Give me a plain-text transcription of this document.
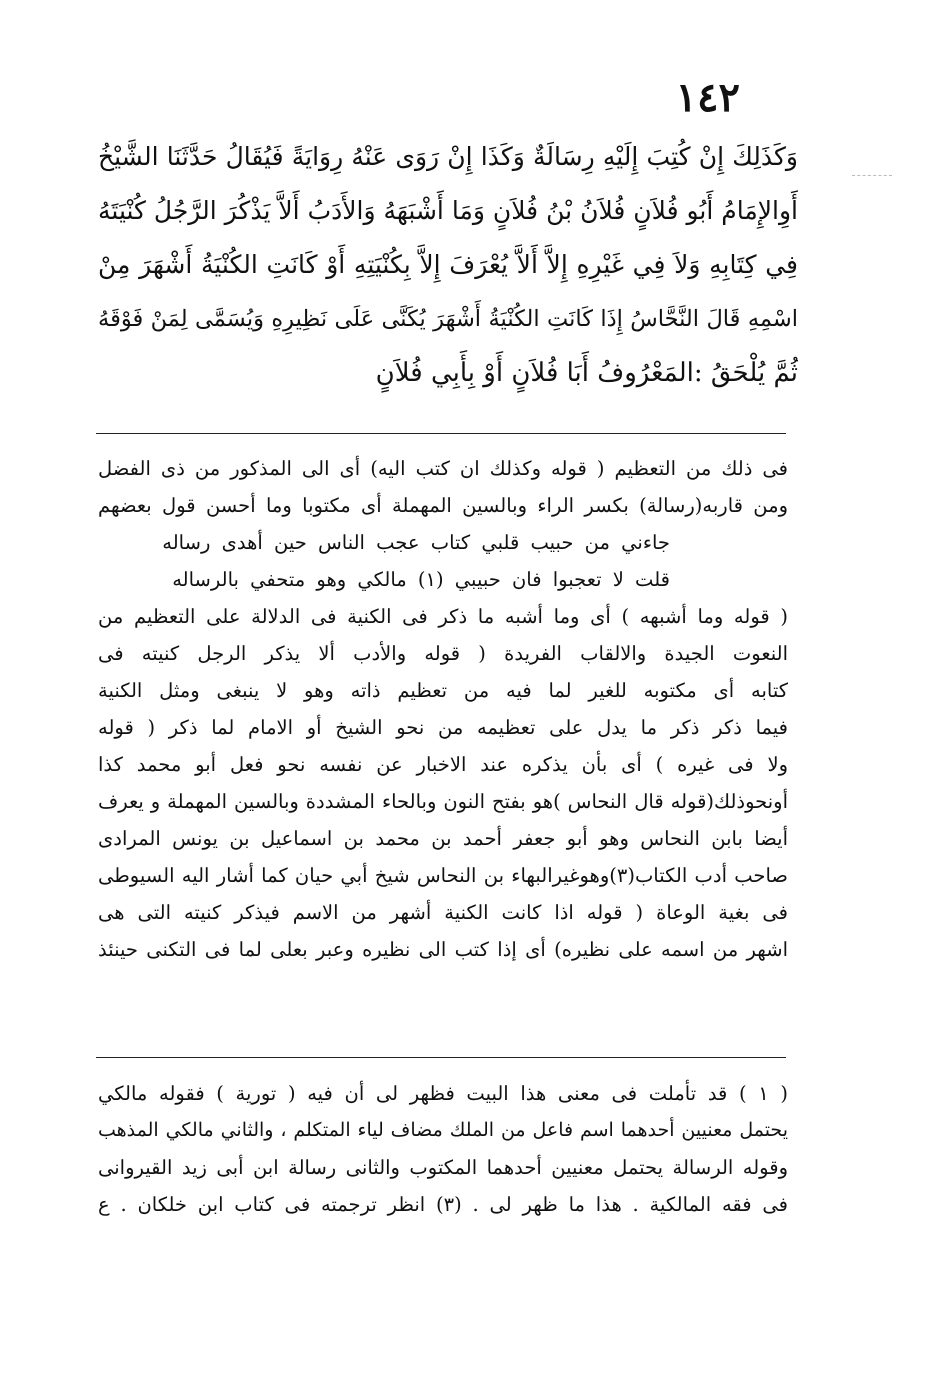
١٤٢
وَكَذَلِكَ إِنْ كُتِبَ إِلَيْهِ رِسَالَةٌ وَكَذَا إِنْ رَوَى عَنْهُ رِوَايَةً فَيُقَالُ حَدَّثَنَا الشَّيْخُ
أَوِالإِمَامُ أَبُو فُلاَنٍ فُلاَنُ بْنُ فُلاَنٍ وَمَا أَشْبَهَهُ وَالأَدَبُ أَلاَّ يَذْكُرَ الرَّجُلُ كُنْيَتَهُ
فِي كِتَابِهِ وَلاَ فِي غَيْرِهِ إِلاَّ أَلاَّ يُعْرَفَ إِلاَّ بِكُنْيَتِهِ أَوْ كَانَتِ الكُنْيَةُ أَشْهَرَ مِنْ
اسْمِهِ قَالَ النَّحَّاسُ إِذَا كَانَتِ الكُنْيَةُ أَشْهَرَ يُكَنَّى عَلَى نَظِيرِهِ وَيُسَمَّى لِمَنْ فَوْقَهُ
ثُمَّ يُلْحَقُ :المَعْرُوفُ أَبَا فُلاَنٍ أَوْ بِأَبِي فُلاَنٍ
فى ذلك من التعظيم ( قوله وكذلك ان كتب اليه) أى الى المذكور من ذى الفضل
ومن قاربه(رسالة) بكسر الراء وبالسين المهملة أى مكتوبا وما أحسن قول بعضهم
جاءني من حبيب قلبي كتاب عجب الناس حين أهدى رساله
قلت لا تعجبوا فان حبيبي (١) مالكي وهو متحفي بالرساله
( قوله وما أشبهه ) أى وما أشبه ما ذكر فى الكنية فى الدلالة على التعظيم من
النعوت الجيدة والالقاب الفريدة ( قوله والأدب ألا يذكر الرجل كنيته فى
كتابه أى مكتوبه للغير لما فيه من تعظيم ذاته وهو لا ينبغى ومثل الكنية
فيما ذكر ذكر ما يدل على تعظيمه من نحو الشيخ أو الامام لما ذكر ( قوله
ولا فى غيره ) أى بأن يذكره عند الاخبار عن نفسه نحو فعل أبو محمد كذا
أونحوذلك(قوله قال النحاس )هو بفتح النون وبالحاء المشددة وبالسين المهملة و يعرف
أيضا بابن النحاس وهو أبو جعفر أحمد بن محمد بن اسماعيل بن يونس المرادى
صاحب أدب الكتاب(٣)وهوغيرالبهاء بن النحاس شيخ أبي حيان كما أشار اليه السيوطى
فى بغية الوعاة ( قوله اذا كانت الكنية أشهر من الاسم فيذكر كنيته التى هى
اشهر من اسمه على نظيره) أى إذا كتب الى نظيره وعبر بعلى لما فى التكنى حينئذ
( ١ ) قد تأملت فى معنى هذا البيت فظهر لى أن فيه ( تورية ) فقوله مالكي
يحتمل معنيين أحدهما اسم فاعل من الملك مضاف لياء المتكلم ، والثاني مالكي المذهب
وقوله الرسالة يحتمل معنيين أحدهما المكتوب والثانى رسالة ابن أبى زيد القيروانى
فى فقه المالكية . هذا ما ظهر لى . (٣) انظر ترجمته فى كتاب ابن خلكان . ع
